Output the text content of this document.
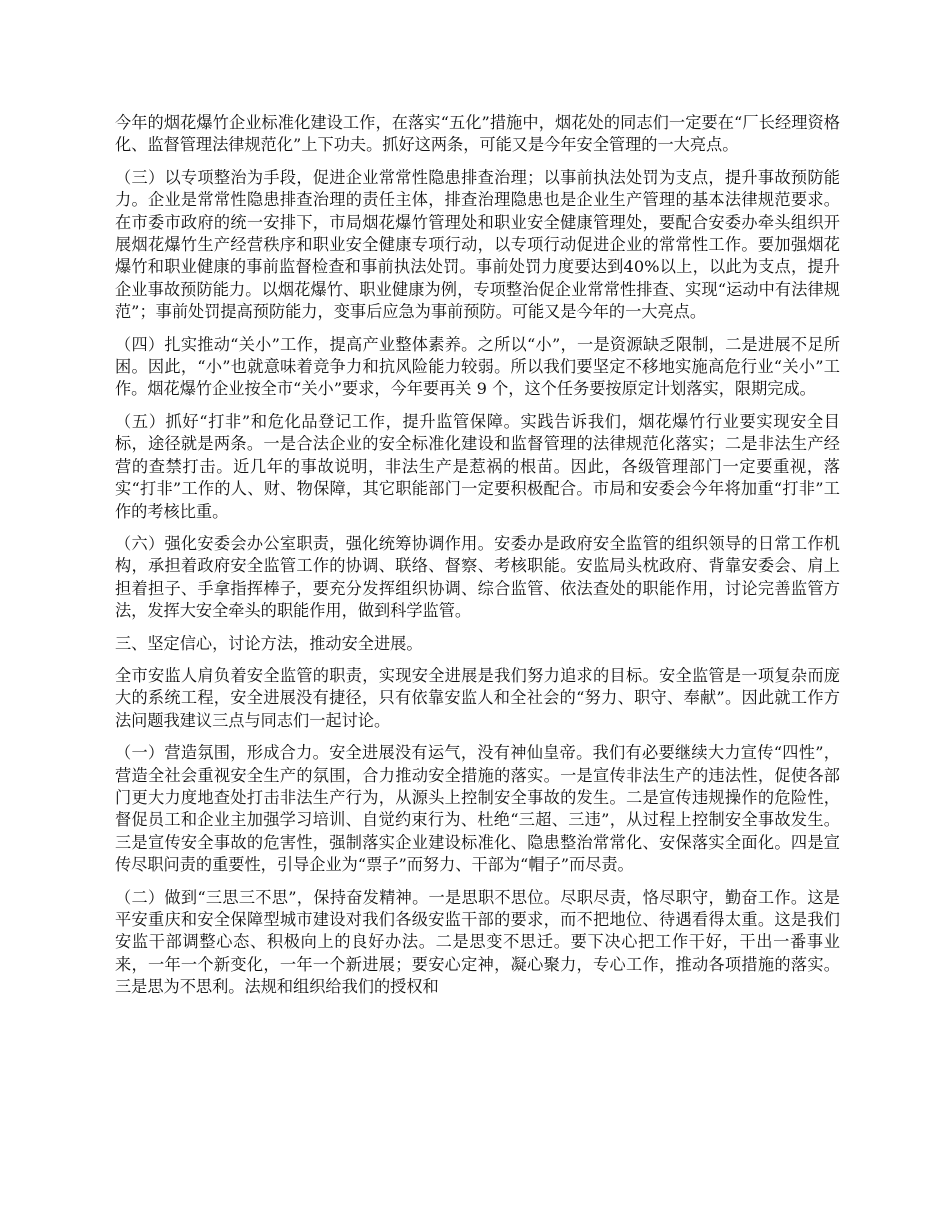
今年的烟花爆竹企业标准化建设工作，在落实“五化”措施中，烟花处的同志们一定要在“厂长经理资格化、监督管理法律规范化”上下功夫。抓好这两条，可能又是今年安全管理的一大亮点。

（三）以专项整治为手段，促进企业常常性隐患排查治理；以事前执法处罚为支点，提升事故预防能力。企业是常常性隐患排查治理的责任主体，排查治理隐患也是企业生产管理的基本法律规范要求。在市委市政府的统一安排下，市局烟花爆竹管理处和职业安全健康管理处，要配合安委办牵头组织开展烟花爆竹生产经营秩序和职业安全健康专项行动，以专项行动促进企业的常常性工作。要加强烟花爆竹和职业健康的事前监督检查和事前执法处罚。事前处罚力度要达到40%以上，以此为支点，提升企业事故预防能力。以烟花爆竹、职业健康为例，专项整治促企业常常性排查、实现“运动中有法律规范”；事前处罚提高预防能力，变事后应急为事前预防。可能又是今年的一大亮点。

（四）扎实推动“关小”工作，提高产业整体素养。之所以“小”，一是资源缺乏限制，二是进展不足所困。因此，“小”也就意味着竞争力和抗风险能力较弱。所以我们要坚定不移地实施高危行业“关小”工作。烟花爆竹企业按全市“关小”要求，今年要再关 9 个，这个任务要按原定计划落实，限期完成。

（五）抓好“打非”和危化品登记工作，提升监管保障。实践告诉我们，烟花爆竹行业要实现安全目标，途径就是两条。一是合法企业的安全标准化建设和监督管理的法律规范化落实；二是非法生产经营的查禁打击。近几年的事故说明，非法生产是惹祸的根苗。因此，各级管理部门一定要重视，落实“打非”工作的人、财、物保障，其它职能部门一定要积极配合。市局和安委会今年将加重“打非”工作的考核比重。

（六）强化安委会办公室职责，强化统筹协调作用。安委办是政府安全监管的组织领导的日常工作机构，承担着政府安全监管工作的协调、联络、督察、考核职能。安监局头枕政府、背靠安委会、肩上担着担子、手拿指挥棒子，要充分发挥组织协调、综合监管、依法查处的职能作用，讨论完善监管方法，发挥大安全牵头的职能作用，做到科学监管。

三、坚定信心，讨论方法，推动安全进展。

全市安监人肩负着安全监管的职责，实现安全进展是我们努力追求的目标。安全监管是一项复杂而庞大的系统工程，安全进展没有捷径，只有依靠安监人和全社会的“努力、职守、奉献”。因此就工作方法问题我建议三点与同志们一起讨论。

（一）营造氛围，形成合力。安全进展没有运气，没有神仙皇帝。我们有必要继续大力宣传“四性”，营造全社会重视安全生产的氛围，合力推动安全措施的落实。一是宣传非法生产的违法性，促使各部门更大力度地查处打击非法生产行为，从源头上控制安全事故的发生。二是宣传违规操作的危险性，督促员工和企业主加强学习培训、自觉约束行为、杜绝“三超、三违”，从过程上控制安全事故发生。三是宣传安全事故的危害性，强制落实企业建设标准化、隐患整治常常化、安保落实全面化。四是宣传尽职问责的重要性，引导企业为“票子”而努力、干部为“帽子”而尽责。

（二）做到“三思三不思”，保持奋发精神。一是思职不思位。尽职尽责，恪尽职守，勤奋工作。这是平安重庆和安全保障型城市建设对我们各级安监干部的要求，而不把地位、待遇看得太重。这是我们安监干部调整心态、积极向上的良好办法。二是思变不思迁。要下决心把工作干好，干出一番事业来，一年一个新变化，一年一个新进展；要安心定神，凝心聚力，专心工作，推动各项措施的落实。三是思为不思利。法规和组织给我们的授权和
